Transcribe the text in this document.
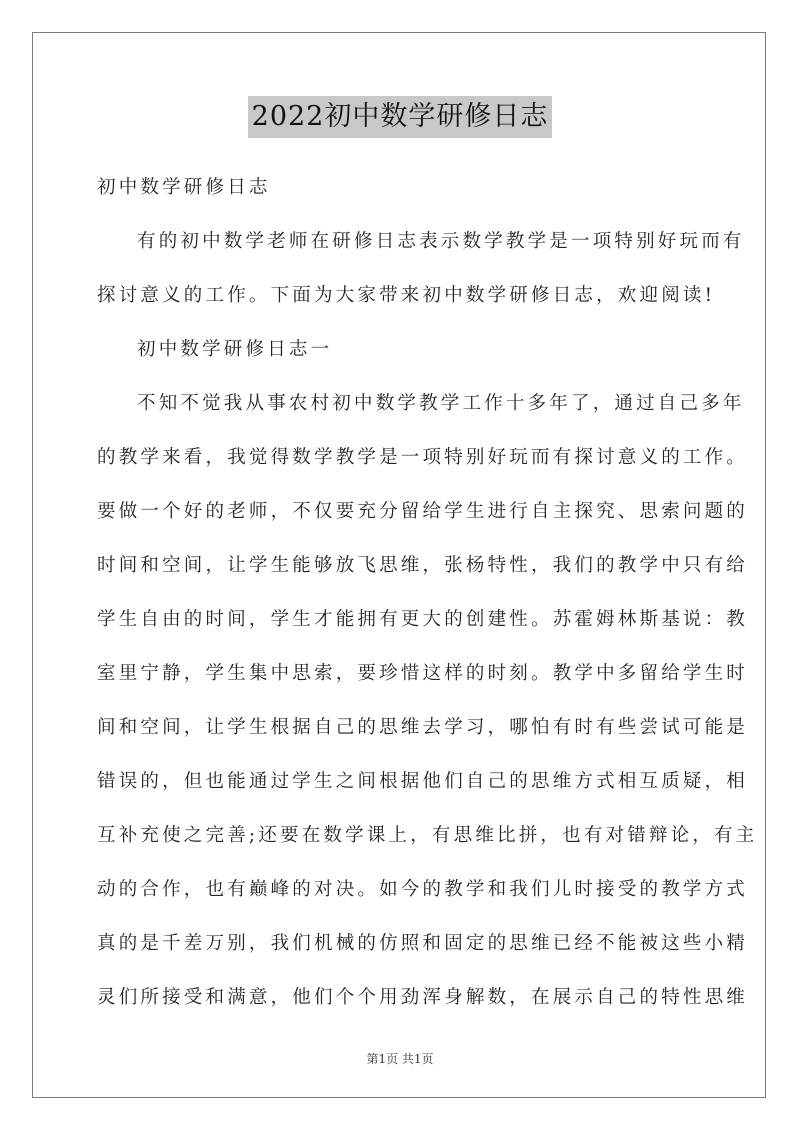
2022初中数学研修日志
初中数学研修日志
有的初中数学老师在研修日志表示数学教学是一项特别好玩而有
探讨意义的工作。下面为大家带来初中数学研修日志，欢迎阅读!
初中数学研修日志一
不知不觉我从事农村初中数学教学工作十多年了，通过自己多年
的教学来看，我觉得数学教学是一项特别好玩而有探讨意义的工作。
要做一个好的老师，不仅要充分留给学生进行自主探究、思索问题的
时间和空间，让学生能够放飞思维，张杨特性，我们的教学中只有给
学生自由的时间，学生才能拥有更大的创建性。苏霍姆林斯基说：教
室里宁静，学生集中思索，要珍惜这样的时刻。教学中多留给学生时
间和空间，让学生根据自己的思维去学习，哪怕有时有些尝试可能是
错误的，但也能通过学生之间根据他们自己的思维方式相互质疑，相
互补充使之完善;还要在数学课上，有思维比拼，也有对错辩论，有主
动的合作，也有巅峰的对决。如今的教学和我们儿时接受的教学方式
真的是千差万别，我们机械的仿照和固定的思维已经不能被这些小精
灵们所接受和满意，他们个个用劲浑身解数，在展示自己的特性思维
第1页 共1页
